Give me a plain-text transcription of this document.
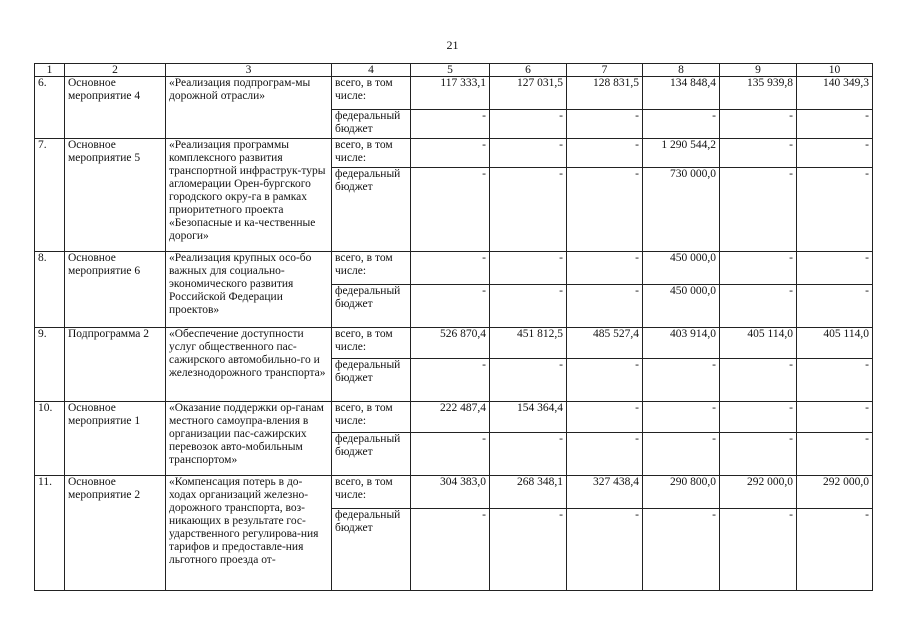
21
1	2	3	4	5	6	7	8	9	10
6.	Основное мероприятие 4	«Реализация подпрограм-мы дорожной отрасли»	всего, в том числе:	117 333,1	127 031,5	128 831,5	134 848,4	135 939,8	140 349,3
			федеральный бюджет	-	-	-	-	-	-
7.	Основное мероприятие 5	«Реализация программы комплексного развития транспортной инфраструк-туры агломерации Орен-бургского городского окру-га в рамках приоритетного проекта «Безопасные и ка-чественные дороги»	всего, в том числе:	-	-	-	1 290 544,2	-	-
			федеральный бюджет	-	-	-	730 000,0	-	-
8.	Основное мероприятие 6	«Реализация крупных осо-бо важных для социально-экономического развития Российской Федерации проектов»	всего, в том числе:	-	-	-	450 000,0	-	-
			федеральный бюджет	-	-	-	450 000,0	-	-
9.	Подпрограмма 2	«Обеспечение доступности услуг общественного пас-сажирского автомобильно-го и железнодорожного транспорта»	всего, в том числе:	526 870,4	451 812,5	485 527,4	403 914,0	405 114,0	405 114,0
			федеральный бюджет	-	-	-	-	-	-
10.	Основное мероприятие 1	«Оказание поддержки ор-ганам местного самоупра-вления в организации пас-сажирских перевозок авто-мобильным транспортом»	всего, в том числе:	222 487,4	154 364,4	-	-	-	-
			федеральный бюджет	-	-	-	-	-	-
11.	Основное мероприятие 2	«Компенсация потерь в до-ходах организаций железно-дорожного транспорта, воз-никающих в результате гос-ударственного регулирова-ния тарифов и предоставле-ния льготного проезда от-	всего, в том числе:	304 383,0	268 348,1	327 438,4	290 800,0	292 000,0	292 000,0
			федеральный бюджет	-	-	-	-	-	-
